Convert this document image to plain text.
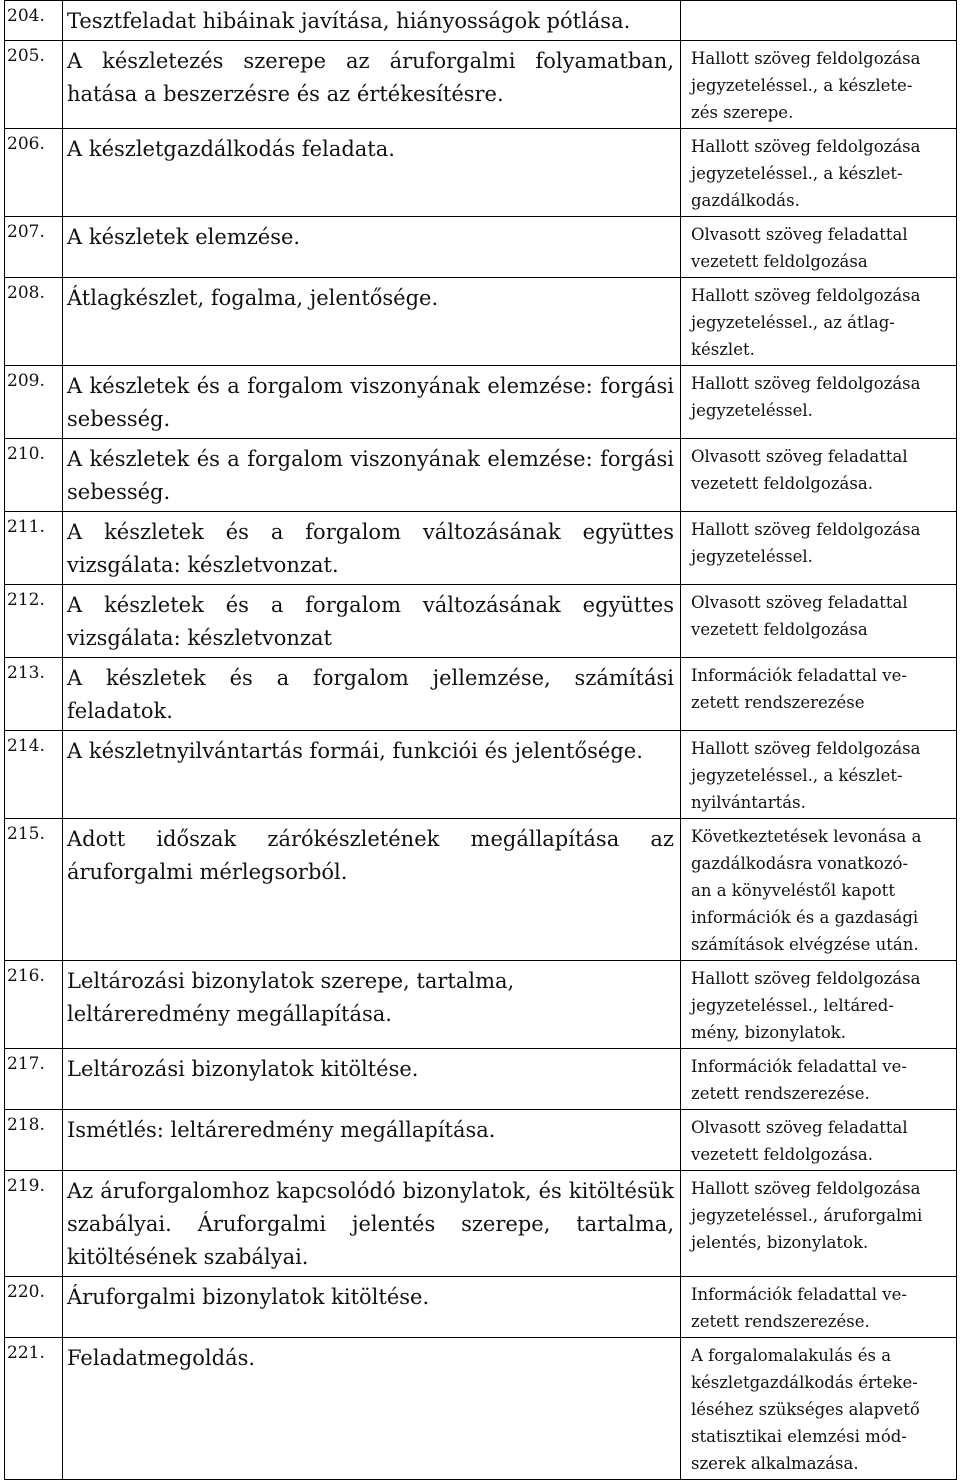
204.	Tesztfeladat hibáinak javítása, hiányosságok pótlása.	

205.	A készletezés szerepe az áruforgalmi folyamatban, hatása a beszerzésre és az értékesítésre.	Hallott szöveg feldolgozása
jegyzeteléssel., a készlete-
zés szerepe.

206.	A készletgazdálkodás feladata.	Hallott szöveg feldolgozása
jegyzeteléssel., a készlet-
gazdálkodás.

207.	A készletek elemzése.	Olvasott szöveg feladattal
vezetett feldolgozása

208.	Átlagkészlet, fogalma, jelentősége.	Hallott szöveg feldolgozása
jegyzeteléssel., az átlag-
készlet.

209.	A készletek és a forgalom viszonyának elemzése: forgási sebesség.	Hallott szöveg feldolgozása
jegyzeteléssel.

210.	A készletek és a forgalom viszonyának elemzése: forgási sebesség.	Olvasott szöveg feladattal
vezetett feldolgozása.

211.	A készletek és a forgalom változásának együttes vizsgálata: készletvonzat.	Hallott szöveg feldolgozása
jegyzeteléssel.

212.	A készletek és a forgalom változásának együttes vizsgálata: készletvonzat	Olvasott szöveg feladattal
vezetett feldolgozása

213.	A készletek és a forgalom jellemzése, számítási feladatok.	Információk feladattal ve-
zetett rendszerezése

214.	A készletnyilvántartás formái, funkciói és jelentősége.	Hallott szöveg feldolgozása
jegyzeteléssel., a készlet-
nyilvántartás.

215.	Adott időszak zárókészletének megállapítása az áruforgalmi mérlegsorból.	Következtetések levonása a
gazdálkodásra vonatkozó-
an a könyveléstől kapott
információk és a gazdasági
számítások elvégzése után.

216.	Leltározási bizonylatok szerepe, tartalma, leltáreredmény megállapítása.	Hallott szöveg feldolgozása
jegyzeteléssel., leltáred-
mény, bizonylatok.

217.	Leltározási bizonylatok kitöltése.	Információk feladattal ve-
zetett rendszerezése.

218.	Ismétlés: leltáreredmény megállapítása.	Olvasott szöveg feladattal
vezetett feldolgozása.

219.	Az áruforgalomhoz kapcsolódó bizonylatok, és kitöltésük szabályai. Áruforgalmi jelentés szerepe, tartalma, kitöltésének szabályai.	Hallott szöveg feldolgozása
jegyzeteléssel., áruforgalmi
jelentés, bizonylatok.

220.	Áruforgalmi bizonylatok kitöltése.	Információk feladattal ve-
zetett rendszerezése.

221.	Feladatmegoldás.	A forgalomalakulás és a
készletgazdálkodás érteke-
léséhez szükséges alapvető
statisztikai elemzési mód-
szerek alkalmazása.
